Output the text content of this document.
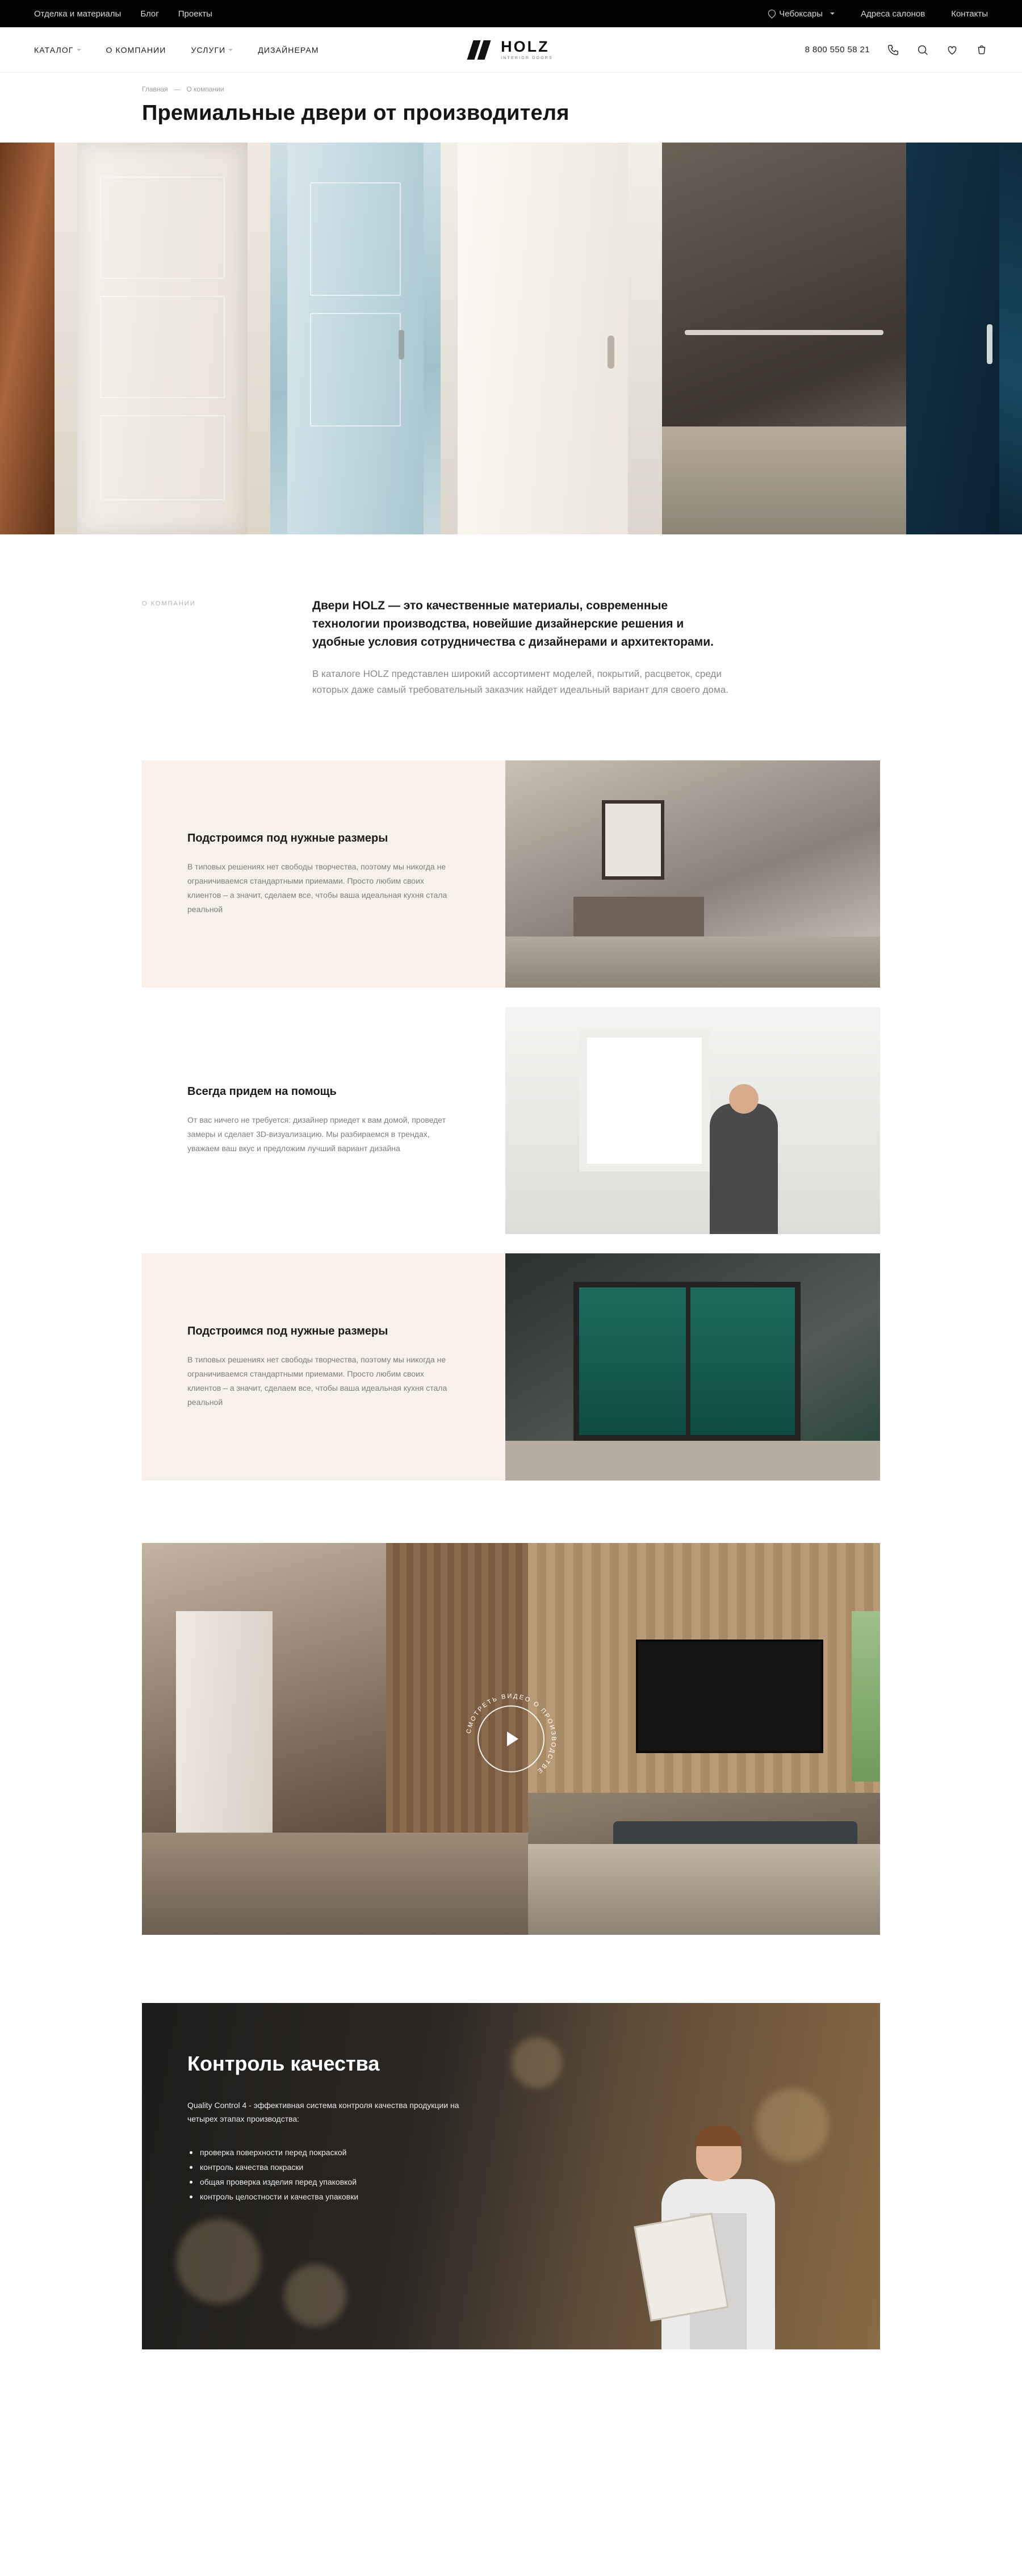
Отделка и материалы Блог Проекты	Чебоксары	Адреса салонов	Контакты
КАТАЛОГ	О КОМПАНИИ	УСЛУГИ	ДИЗАЙНЕРАМ	HOLZ
INTERIOR DOORS
8 800 550 58 21
Главная — О компании
Премиальные двери от производителя
О КОМПАНИИ	Двери HOLZ — это качественные материалы, современные технологии производства, новейшие дизайнерские решения и удобные условия сотрудничества с дизайнерами и архитекторами.

В каталоге HOLZ представлен широкий ассортимент моделей, покрытий, расцветок, среди которых даже самый требовательный заказчик найдет идеальный вариант для своего дома.

Подстроимся под нужные размеры
В типовых решениях нет свободы творчества, поэтому мы никогда не ограничиваемся стандартными приемами. Просто любим своих клиентов – а значит, сделаем все, чтобы ваша идеальная кухня стала реальной
Всегда придем на помощь
От вас ничего не требуется: дизайнер приедет к вам домой, проведет замеры и сделает 3D-визуализацию. Мы разбираемся в трендах, уважаем ваш вкус и предложим лучший вариант дизайна
Подстроимся под нужные размеры
В типовых решениях нет свободы творчества, поэтому мы никогда не ограничиваемся стандартными приемами. Просто любим своих клиентов – а значит, сделаем все, чтобы ваша идеальная кухня стала реальной
СМОТРЕТЬ ВИДЕО О ПРОИЗВОДСТВЕ
Контроль качества

Quality Control 4 - эффективная система контроля качества продукции на четырех этапах производства:

проверка поверхности перед покраской
контроль качества покраски
общая проверка изделия перед упаковкой
контроль целостности и качества упаковки
